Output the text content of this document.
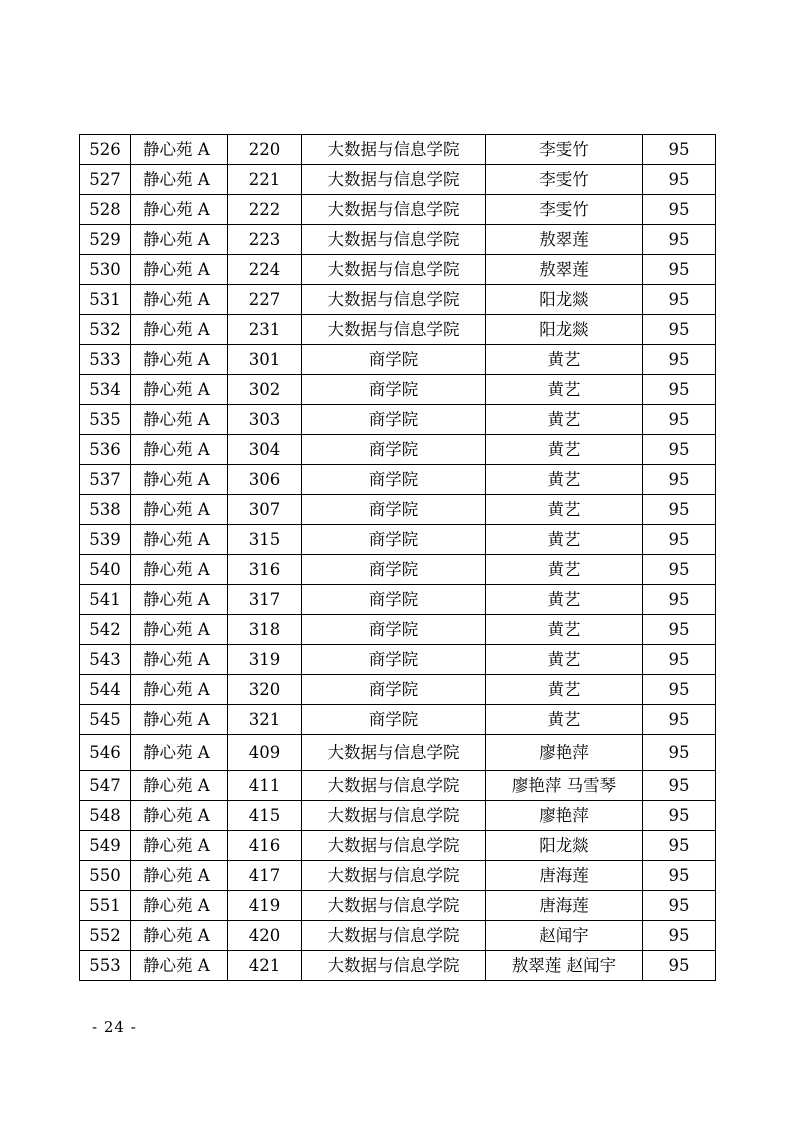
526	静心苑 A	220	大数据与信息学院	李雯竹	95
527	静心苑 A	221	大数据与信息学院	李雯竹	95
528	静心苑 A	222	大数据与信息学院	李雯竹	95
529	静心苑 A	223	大数据与信息学院	敖翠莲	95
530	静心苑 A	224	大数据与信息学院	敖翠莲	95
531	静心苑 A	227	大数据与信息学院	阳龙燚	95
532	静心苑 A	231	大数据与信息学院	阳龙燚	95
533	静心苑 A	301	商学院	黄艺	95
534	静心苑 A	302	商学院	黄艺	95
535	静心苑 A	303	商学院	黄艺	95
536	静心苑 A	304	商学院	黄艺	95
537	静心苑 A	306	商学院	黄艺	95
538	静心苑 A	307	商学院	黄艺	95
539	静心苑 A	315	商学院	黄艺	95
540	静心苑 A	316	商学院	黄艺	95
541	静心苑 A	317	商学院	黄艺	95
542	静心苑 A	318	商学院	黄艺	95
543	静心苑 A	319	商学院	黄艺	95
544	静心苑 A	320	商学院	黄艺	95
545	静心苑 A	321	商学院	黄艺	95
546	静心苑 A	409	大数据与信息学院	廖艳萍	95
547	静心苑 A	411	大数据与信息学院	廖艳萍 马雪琴	95
548	静心苑 A	415	大数据与信息学院	廖艳萍	95
549	静心苑 A	416	大数据与信息学院	阳龙燚	95
550	静心苑 A	417	大数据与信息学院	唐海莲	95
551	静心苑 A	419	大数据与信息学院	唐海莲	95
552	静心苑 A	420	大数据与信息学院	赵闻宇	95
553	静心苑 A	421	大数据与信息学院	敖翠莲 赵闻宇	95
- 24 -
